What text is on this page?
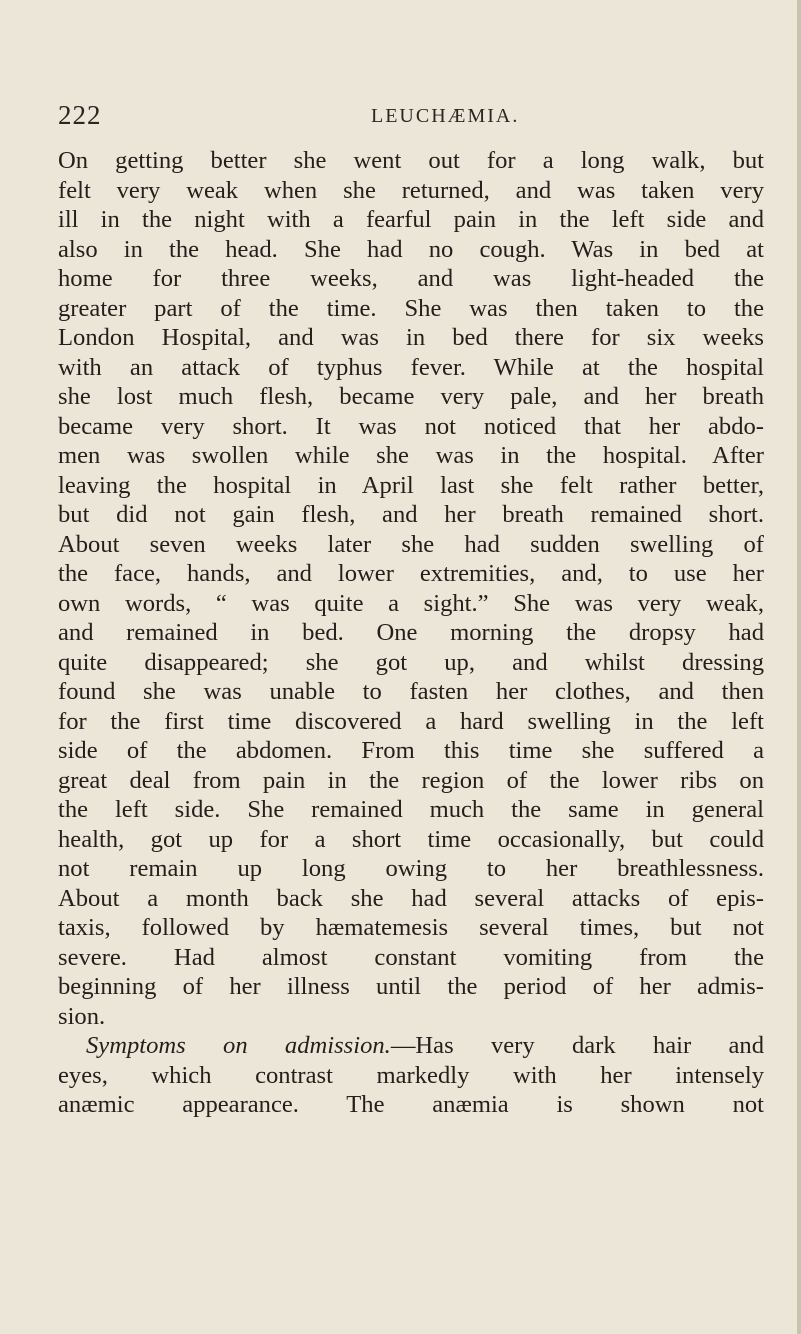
222	LEUCHÆMIA.
On getting better she went out for a long walk, but
felt very weak when she returned, and was taken very
ill in the night with a fearful pain in the left side and
also in the head. She had no cough. Was in bed at
home for three weeks, and was light-headed the
greater part of the time. She was then taken to the
London Hospital, and was in bed there for six weeks
with an attack of typhus fever. While at the hospital
she lost much flesh, became very pale, and her breath
became very short. It was not noticed that her abdo-
men was swollen while she was in the hospital. After
leaving the hospital in April last she felt rather better,
but did not gain flesh, and her breath remained short.
About seven weeks later she had sudden swelling of
the face, hands, and lower extremities, and, to use her
own words, “ was quite a sight.” She was very weak,
and remained in bed. One morning the dropsy had
quite disappeared; she got up, and whilst dressing
found she was unable to fasten her clothes, and then
for the first time discovered a hard swelling in the left
side of the abdomen. From this time she suffered a
great deal from pain in the region of the lower ribs on
the left side. She remained much the same in general
health, got up for a short time occasionally, but could
not remain up long owing to her breathlessness.
About a month back she had several attacks of epis-
taxis, followed by hæmatemesis several times, but not
severe. Had almost constant vomiting from the
beginning of her illness until the period of her admis-
sion.
Symptoms on admission.—Has very dark hair and
eyes, which contrast markedly with her intensely
anæmic appearance. The anæmia is shown not
